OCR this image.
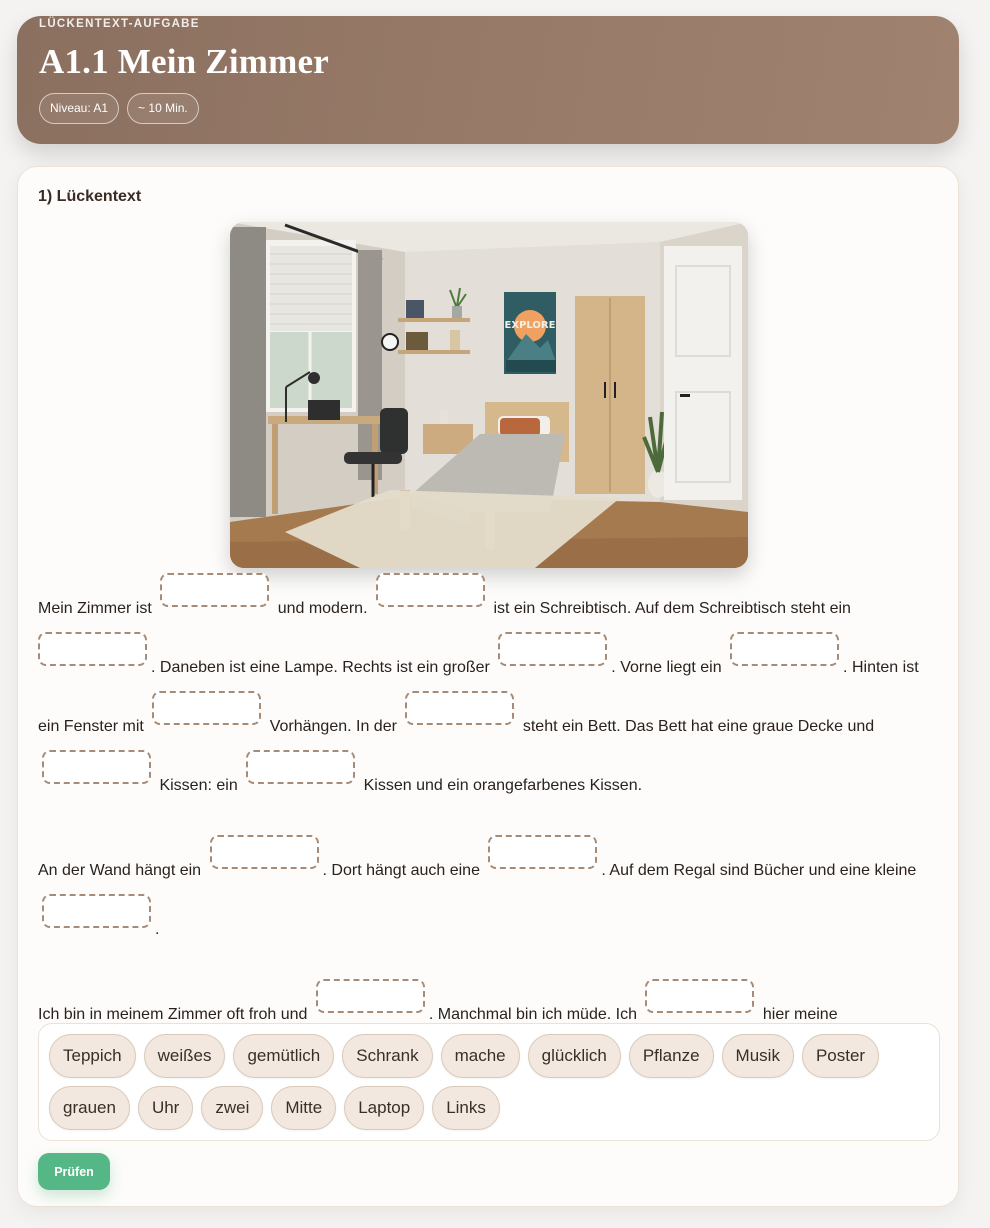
LÜCKENTEXT-AUFGABE
A1.1 Mein Zimmer
Niveau: A1	~ 10 Min.
1) Lückentext
EXPLORE

Mein Zimmer ist	und modern.	ist ein Schreibtisch. Auf dem Schreibtisch steht ein . Daneben ist eine Lampe. Rechts ist ein großer	. Vorne liegt ein	. Hinten ist ein Fenster mit	Vorhängen. In der	steht ein Bett. Das Bett hat eine graue Decke und  Kissen: ein	Kissen und ein orangefarbenes Kissen.

An der Wand hängt ein	. Dort hängt auch eine	. Auf dem Regal sind Bücher und eine kleine .

Ich bin in meinem Zimmer oft froh und	. Manchmal bin ich müde. Ich	hier meine

Teppich	weißes	gemütlich	Schrank	mache	glücklich	Pflanze	Musik	Poster
grauen	Uhr	zwei	Mitte	Laptop	Links
Prüfen
